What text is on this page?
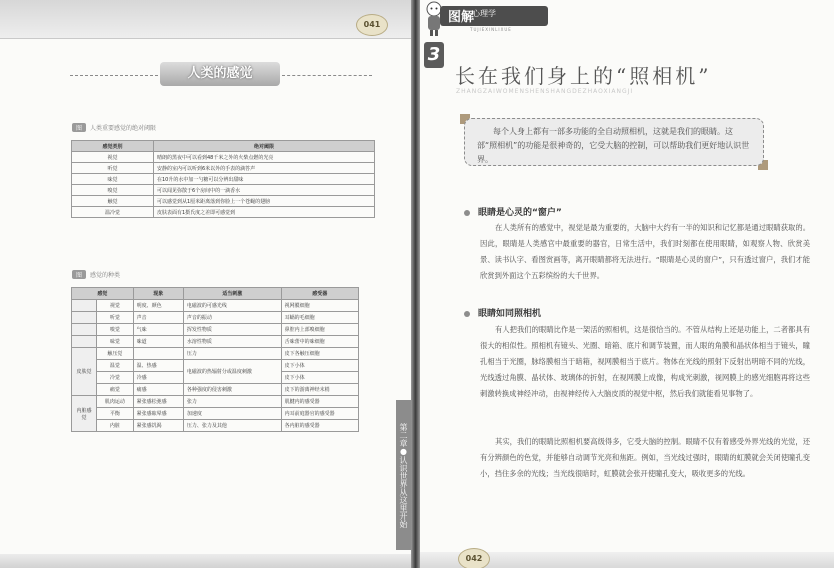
041
人类的感觉
图 人类重要感觉的绝对阈限
感觉类别	绝对阈限
视觉	晴朗的黑夜中可以看到48千米之外的火柴点燃的光亮
听觉	安静的室内可以听到6米以外的手表的滴答声
味觉	在10升的水中加一勺糖可以分辨出甜味
嗅觉	可以闻见弥散于6个房间中的一滴香水
触觉	可以感觉到从1厘米距离落到你脸上一个苍蝇的翅膀
温冷觉	皮肤表面有1摄氏度之差即可感觉到
图 感觉的种类
感觉		现象	适当刺激	感受器
	视觉	明度、颜色	电磁波的可感光线	视网膜细胞
	听觉	声音	声音的振动	耳蜗的毛细胞
	嗅觉	气味	挥发性物质	鼻腔内上部嗅细胞
	味觉	味道	水溶性物质	舌味蕾中的味细胞
皮肤觉	触压觉		压力	皮下各触压细胞
	温觉	温、热感	电磁波的热辐射分或温度刺激	皮下小体
	冷觉	冷感		皮下小体
	痛觉	痛感	各种强度的侵害刺激	皮下的游离神经末梢
内脏感觉	肌肉运动	紧张感松弛感	张力	肌腱内的感受器
	平衡	紧张感眩晕感	加速度	内耳前庭器官的感受器
	内脏	紧张感饥渴	压力、张力及其他	各内脏的感受器	第二章●认识世界从这里开始
图解
心理学
TUJIEXINLIXUE
3
长在我们身上的“照相机”
ZHANGZAIWOMENSHENSHANGDEZHAOXIANGJI
每个人身上都有一部多功能的全自动照相机，这就是我们的眼睛。这部“照相机”的功能是很神奇的，它受大脑的控制，可以帮助我们更好地认识世界。
眼睛是心灵的“窗户”
在人类所有的感觉中，视觉是最为重要的，大脑中大约有一半的知识和记忆都是通过眼睛获取的。因此，眼睛是人类感官中最重要的器官，日常生活中，我们时刻都在使用眼睛，如观察人物、欣赏美景、读书认字、看图赏画等，离开眼睛都将无法进行。“眼睛是心灵的窗户”，只有透过窗户，我们才能欣赏到外面这个五彩缤纷的大千世界。
眼睛如同照相机
有人把我们的眼睛比作是一架活的照相机，这是很恰当的。不管从结构上还是功能上，二者都具有很大的相似性。照相机有镜头、光圈、暗箱、底片和调节装置，而人眼的角膜和晶状体相当于镜头，瞳孔相当于光圈，脉络膜相当于暗箱，视网膜相当于底片。物体在光线的照射下反射出明暗不同的光线，光线透过角膜、晶状体、玻璃体的折射，在视网膜上成像，构成光刺激，视网膜上的感光细胞再将这些刺激转换成神经冲动，由视神经传入大脑皮质的视觉中枢，然后我们就能看见事物了。
其实，我们的眼睛比照相机要高级得多，它受大脑的控制。眼睛不仅有着感受外界光线的光觉，还有分辨颜色的色觉，并能够自动调节光亮和焦距。例如，当光线过强时，眼睛的虹膜就会关闭使瞳孔变小，挡住多余的光线；当光线很暗时，虹膜就会张开使瞳孔变大，吸收更多的光线。
042
